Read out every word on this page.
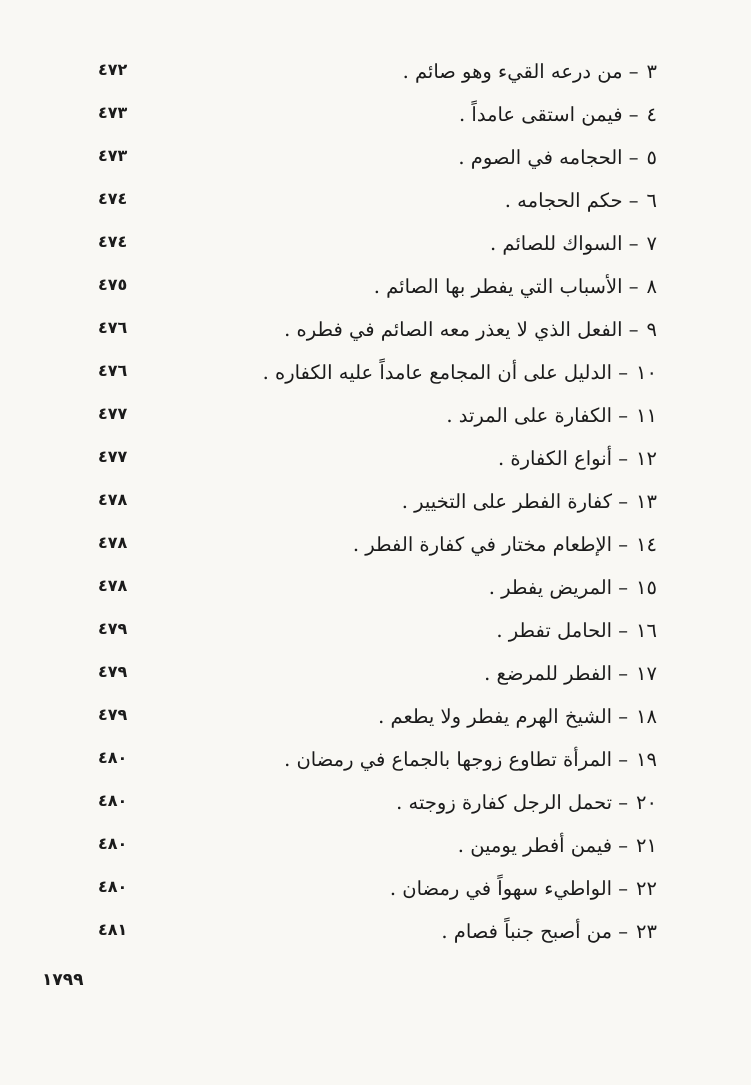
٣– من درعه القيء وهو صائم .
٤٧٢
٤– فيمن استقى عامداً .
٤٧٣
٥– الحجامه في الصوم .
٤٧٣
٦– حكم الحجامه .
٤٧٤
٧– السواك للصائم .
٤٧٤
٨– الأسباب التي يفطر بها الصائم .
٤٧٥
٩– الفعل الذي لا يعذر معه الصائم في فطره .
٤٧٦
١٠– الدليل على أن المجامع عامداً عليه الكفاره .
٤٧٦
١١– الكفارة على المرتد .
٤٧٧
١٢– أنواع الكفارة .
٤٧٧
١٣– كفارة الفطر على التخيير .
٤٧٨
١٤– الإطعام مختار في كفارة الفطر .
٤٧٨
١٥– المريض يفطر .
٤٧٨
١٦– الحامل تفطر .
٤٧٩
١٧– الفطر للمرضع .
٤٧٩
١٨– الشيخ الهرم يفطر ولا يطعم .
٤٧٩
١٩– المرأة تطاوع زوجها بالجماع في رمضان .
٤٨٠
٢٠– تحمل الرجل كفارة زوجته .
٤٨٠
٢١– فيمن أفطر يومين .
٤٨٠
٢٢– الواطيء سهواً في رمضان .
٤٨٠
٢٣– من أصبح جنباً فصام .
٤٨١
١٧٩٩
